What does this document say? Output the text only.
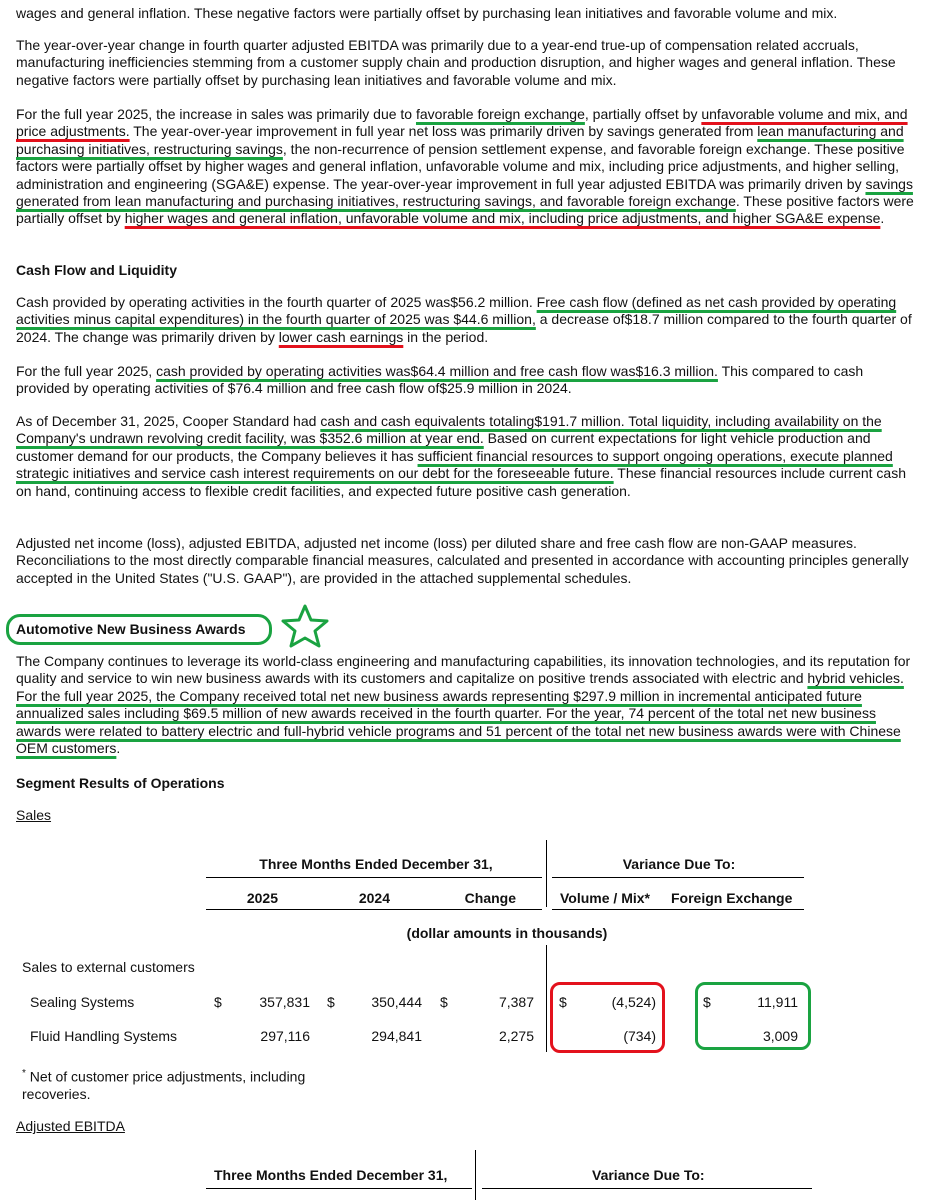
wages and general inflation. These negative factors were partially offset by purchasing lean initiatives and favorable volume and mix.

The year-over-year change in fourth quarter adjusted EBITDA was primarily due to a year-end true-up of compensation related accruals, manufacturing inefficiencies stemming from a customer supply chain and production disruption, and higher wages and general inflation. These negative factors were partially offset by purchasing lean initiatives and favorable volume and mix.

For the full year 2025, the increase in sales was primarily due to favorable foreign exchange, partially offset by unfavorable volume and mix, and price adjustments. The year-over-year improvement in full year net loss was primarily driven by savings generated from lean manufacturing and purchasing initiatives, restructuring savings, the non-recurrence of pension settlement expense, and favorable foreign exchange. These positive factors were partially offset by higher wages and general inflation, unfavorable volume and mix, including price adjustments, and higher selling, administration and engineering (SGA&E) expense. The year-over-year improvement in full year adjusted EBITDA was primarily driven by savings generated from lean manufacturing and purchasing initiatives, restructuring savings, and favorable foreign exchange. These positive factors were partially offset by higher wages and general inflation, unfavorable volume and mix, including price adjustments, and higher SGA&E expense.

Cash Flow and Liquidity

Cash provided by operating activities in the fourth quarter of 2025 was$56.2 million. Free cash flow (defined as net cash provided by operating activities minus capital expenditures) in the fourth quarter of 2025 was $44.6 million, a decrease of$18.7 million compared to the fourth quarter of 2024. The change was primarily driven by lower cash earnings in the period.

For the full year 2025, cash provided by operating activities was$64.4 million and free cash flow was$16.3 million. This compared to cash provided by operating activities of $76.4 million and free cash flow of$25.9 million in 2024.

As of December 31, 2025, Cooper Standard had cash and cash equivalents totaling$191.7 million. Total liquidity, including availability on the Company's undrawn revolving credit facility, was $352.6 million at year end. Based on current expectations for light vehicle production and customer demand for our products, the Company believes it has sufficient financial resources to support ongoing operations, execute planned strategic initiatives and service cash interest requirements on our debt for the foreseeable future. These financial resources include current cash on hand, continuing access to flexible credit facilities, and expected future positive cash generation.

Adjusted net income (loss), adjusted EBITDA, adjusted net income (loss) per diluted share and free cash flow are non-GAAP measures. Reconciliations to the most directly comparable financial measures, calculated and presented in accordance with accounting principles generally accepted in the United States ("U.S. GAAP"), are provided in the attached supplemental schedules.

Automotive New Business Awards

The Company continues to leverage its world-class engineering and manufacturing capabilities, its innovation technologies, and its reputation for quality and service to win new business awards with its customers and capitalize on positive trends associated with electric and hybrid vehicles. For the full year 2025, the Company received total net new business awards representing $297.9 million in incremental anticipated future annualized sales including $69.5 million of new awards received in the fourth quarter. For the year, 74 percent of the total net new business awards were related to battery electric and full-hybrid vehicle programs and 51 percent of the total net new business awards were with Chinese OEM customers.

Segment Results of Operations

Sales

Three Months Ended December 31,	Variance Due To:
2025	2024	Change	Volume / Mix* Foreign Exchange
(dollar amounts in thousands)
Sales to external customers
Sealing Systems	$	357,831 $	350,444 $	7,387 $	(4,524)	$	11,911
Fluid Handling Systems	297,116	294,841	2,275	(734)	3,009
* Net of customer price adjustments, including recoveries.

Adjusted EBITDA

Three Months Ended December 31,	Variance Due To:
